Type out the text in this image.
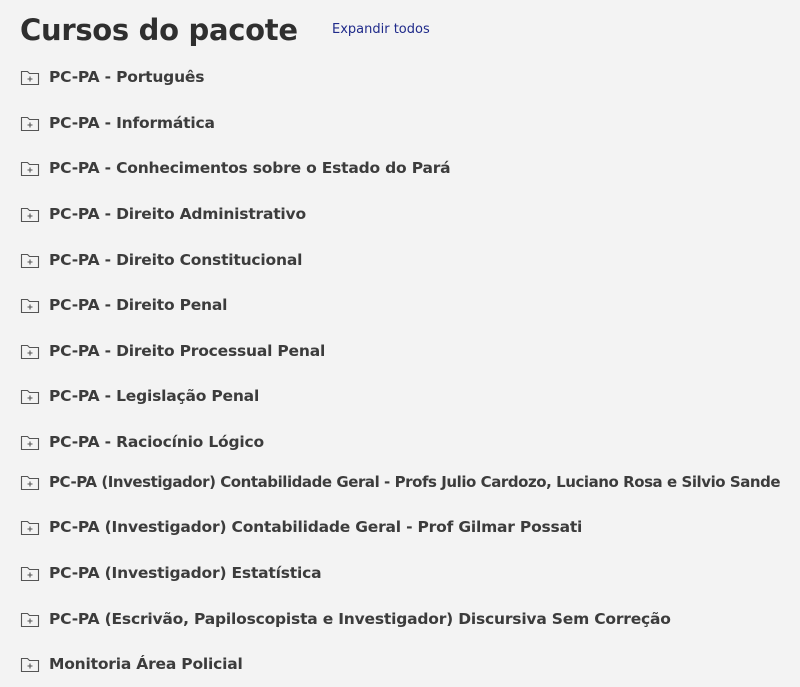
Cursos do pacote	Expandir todos
PC-PA - Português
PC-PA - Informática
PC-PA - Conhecimentos sobre o Estado do Pará
PC-PA - Direito Administrativo
PC-PA - Direito Constitucional
PC-PA - Direito Penal
PC-PA - Direito Processual Penal
PC-PA - Legislação Penal
PC-PA - Raciocínio Lógico
PC-PA (Investigador) Contabilidade Geral - Profs Julio Cardozo, Luciano Rosa e Silvio Sande
PC-PA (Investigador) Contabilidade Geral - Prof Gilmar Possati
PC-PA (Investigador) Estatística
PC-PA (Escrivão, Papiloscopista e Investigador) Discursiva Sem Correção
Monitoria Área Policial
